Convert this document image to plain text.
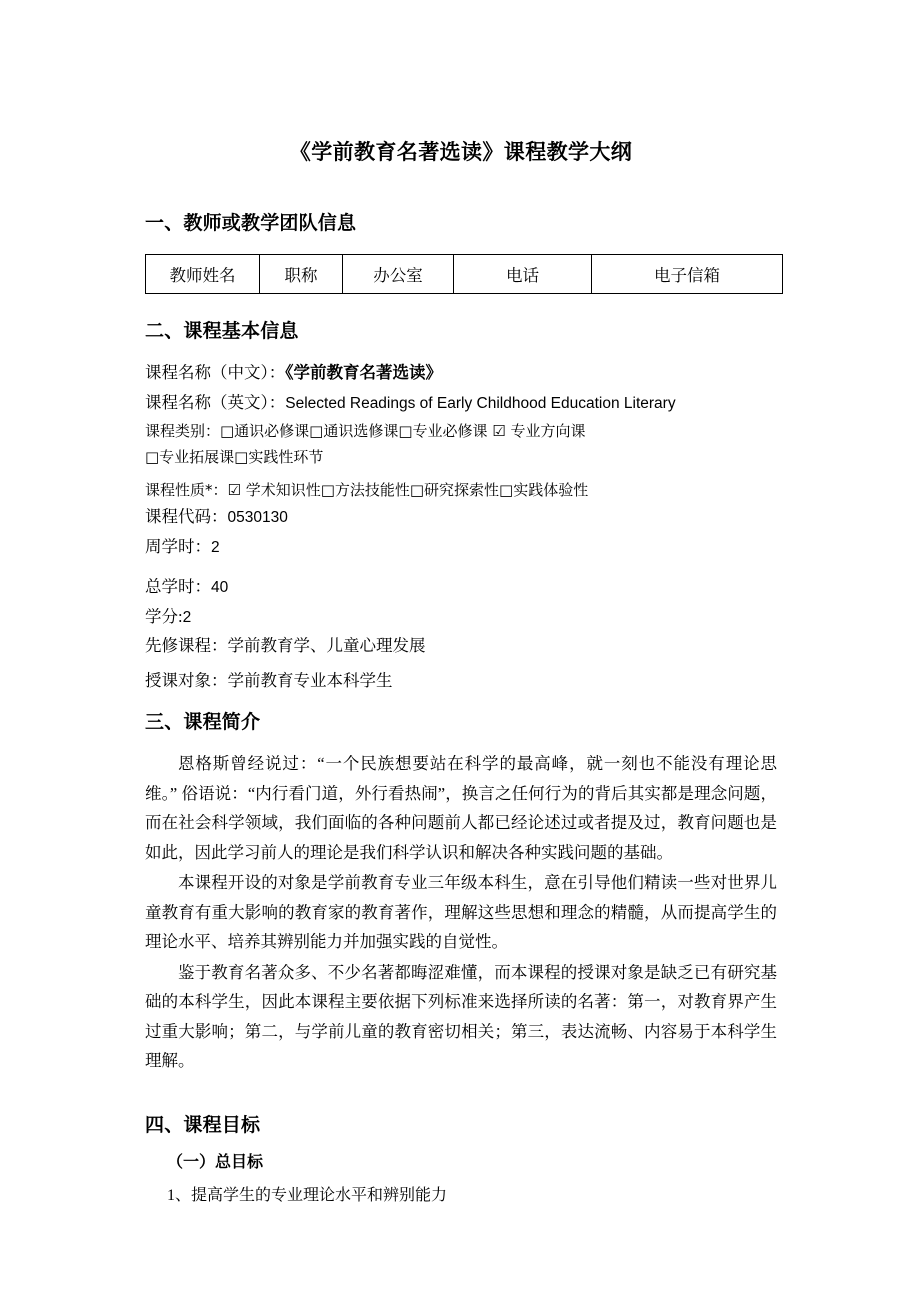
《学前教育名著选读》课程教学大纲
一、教师或教学团队信息
教师姓名	职称	办公室	电话	电子信箱
二、课程基本信息

课程名称（中文）：《学前教育名著选读》

课程名称（英文）：Selected Readings of Early Childhood Education Literary

课程类别：□通识必修课□通识选修课□专业必修课 ☑ 专业方向课

□专业拓展课□实践性环节

课程性质*：☑ 学术知识性□方法技能性□研究探索性□实践体验性

课程代码：0530130

周学时：2

总学时：40

学分:2

先修课程：学前教育学、儿童心理发展

授课对象：学前教育专业本科学生

三、课程简介

恩格斯曾经说过：“一个民族想要站在科学的最高峰，就一刻也不能没有理论思维。” 俗语说：“内行看门道，外行看热闹”，换言之任何行为的背后其实都是理念问题，而在社会科学领域，我们面临的各种问题前人都已经论述过或者提及过，教育问题也是如此，因此学习前人的理论是我们科学认识和解决各种实践问题的基础。

本课程开设的对象是学前教育专业三年级本科生，意在引导他们精读一些对世界儿童教育有重大影响的教育家的教育著作，理解这些思想和理念的精髓，从而提高学生的理论水平、培养其辨别能力并加强实践的自觉性。

鉴于教育名著众多、不少名著都晦涩难懂，而本课程的授课对象是缺乏已有研究基础的本科学生，因此本课程主要依据下列标准来选择所读的名著：第一，对教育界产生过重大影响；第二，与学前儿童的教育密切相关；第三，表达流畅、内容易于本科学生理解。

四、课程目标
（一）总目标

1、提高学生的专业理论水平和辨别能力
